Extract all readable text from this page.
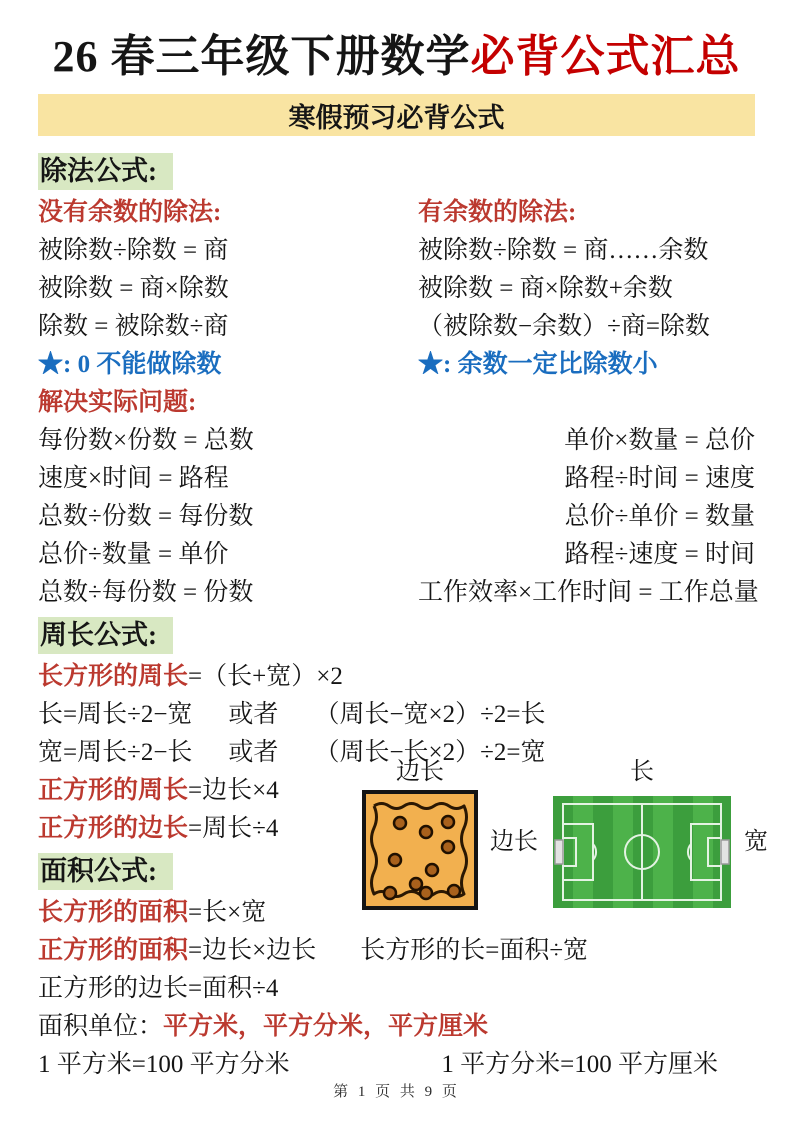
26 春三年级下册数学必背公式汇总
寒假预习必背公式
除法公式:
没有余数的除法:	有余数的除法:
被除数÷除数 = 商	被除数÷除数 = 商……余数
被除数 = 商×除数	被除数 = 商×除数+余数
除数 = 被除数÷商	（被除数−余数）÷商=除数
★: 0 不能做除数	★: 余数一定比除数小
解决实际问题:
每份数×份数 = 总数	单价×数量 = 总价
速度×时间 = 路程	路程÷时间 = 速度
总数÷份数 = 每份数	总价÷单价 = 数量
总价÷数量 = 单价	路程÷速度 = 时间
总数÷每份数 = 份数	工作效率×工作时间 = 工作总量
周长公式:
长方形的周长=（长+宽）×2
长=周长÷2−宽 或者 （周长−宽×2）÷2=长
宽=周长÷2−长 或者 （周长−长×2）÷2=宽
正方形的周长=边长×4
正方形的边长=周长÷4
面积公式:
长方形的面积=长×宽
正方形的面积=边长×边长 长方形的长=面积÷宽
正方形的边长=面积÷4
面积单位：平方米，平方分米，平方厘米
1 平方米=100 平方分米	1 平方分米=100 平方厘米
边长
边长
长
宽
第 1 页 共 9 页
